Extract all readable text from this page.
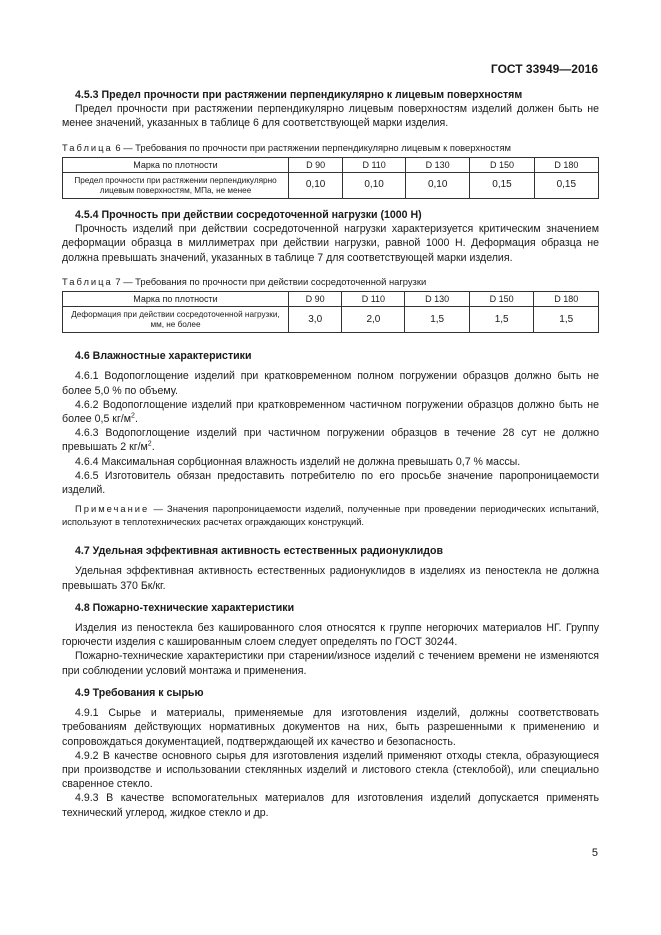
ГОСТ 33949—2016

4.5.3 Предел прочности при растяжении перпендикулярно к лицевым поверхностям

Предел прочности при растяжении перпендикулярно лицевым поверхностям изделий должен быть не менее значений, указанных в таблице 6 для соответствующей марки изделия.

Таблица 6 — Требования по прочности при растяжении перпендикулярно лицевым к поверхностям
Марка по плотности	D 90	D 110	D 130	D 150	D 180
Предел прочности при растяжении перпендикулярно лицевым поверхностям, МПа, не менее	0,10	0,10	0,10	0,15	0,15

4.5.4 Прочность при действии сосредоточенной нагрузки (1000 Н)

Прочность изделий при действии сосредоточенной нагрузки характеризуется критическим значением деформации образца в миллиметрах при действии нагрузки, равной 1000 Н. Деформация образца не должна превышать значений, указанных в таблице 7 для соответствующей марки изделия.

Таблица 7 — Требования по прочности при действии сосредоточенной нагрузки
Марка по плотности	D 90	D 110	D 130	D 150	D 180
Деформация при действии сосредоточенной нагрузки, мм, не более	3,0	2,0	1,5	1,5	1,5

4.6 Влажностные характеристики

4.6.1 Водопоглощение изделий при кратковременном полном погружении образцов должно быть не более 5,0 % по объему.

4.6.2 Водопоглощение изделий при кратковременном частичном погружении образцов должно быть не более 0,5 $кг/м^2$.

4.6.3 Водопоглощение изделий при частичном погружении образцов в течение 28 сут не должно превышать 2 $кг/м^2$.

4.6.4 Максимальная сорбционная влажность изделий не должна превышать 0,7 % массы.

4.6.5 Изготовитель обязан предоставить потребителю по его просьбе значение паропроницаемости изделий.

Примечание — Значения паропроницаемости изделий, полученные при проведении периодических испытаний, используют в теплотехнических расчетах ограждающих конструкций.

4.7 Удельная эффективная активность естественных радионуклидов

Удельная эффективная активность естественных радионуклидов в изделиях из пеностекла не должна превышать 370 Бк/кг.

4.8 Пожарно-технические характеристики

Изделия из пеностекла без кашированного слоя относятся к группе негорючих материалов НГ. Группу горючести изделия с кашированным слоем следует определять по ГОСТ 30244.

Пожарно-технические характеристики при старении/износе изделий с течением времени не изменяются при соблюдении условий монтажа и применения.

4.9 Требования к сырью

4.9.1 Сырье и материалы, применяемые для изготовления изделий, должны соответствовать требованиям действующих нормативных документов на них, быть разрешенными к применению и сопровождаться документацией, подтверждающей их качество и безопасность.

4.9.2 В качестве основного сырья для изготовления изделий применяют отходы стекла, образующиеся при производстве и использовании стеклянных изделий и листового стекла (стеклобой), или специально сваренное стекло.

4.9.3 В качестве вспомогательных материалов для изготовления изделий допускается применять технический углерод, жидкое стекло и др.

5
